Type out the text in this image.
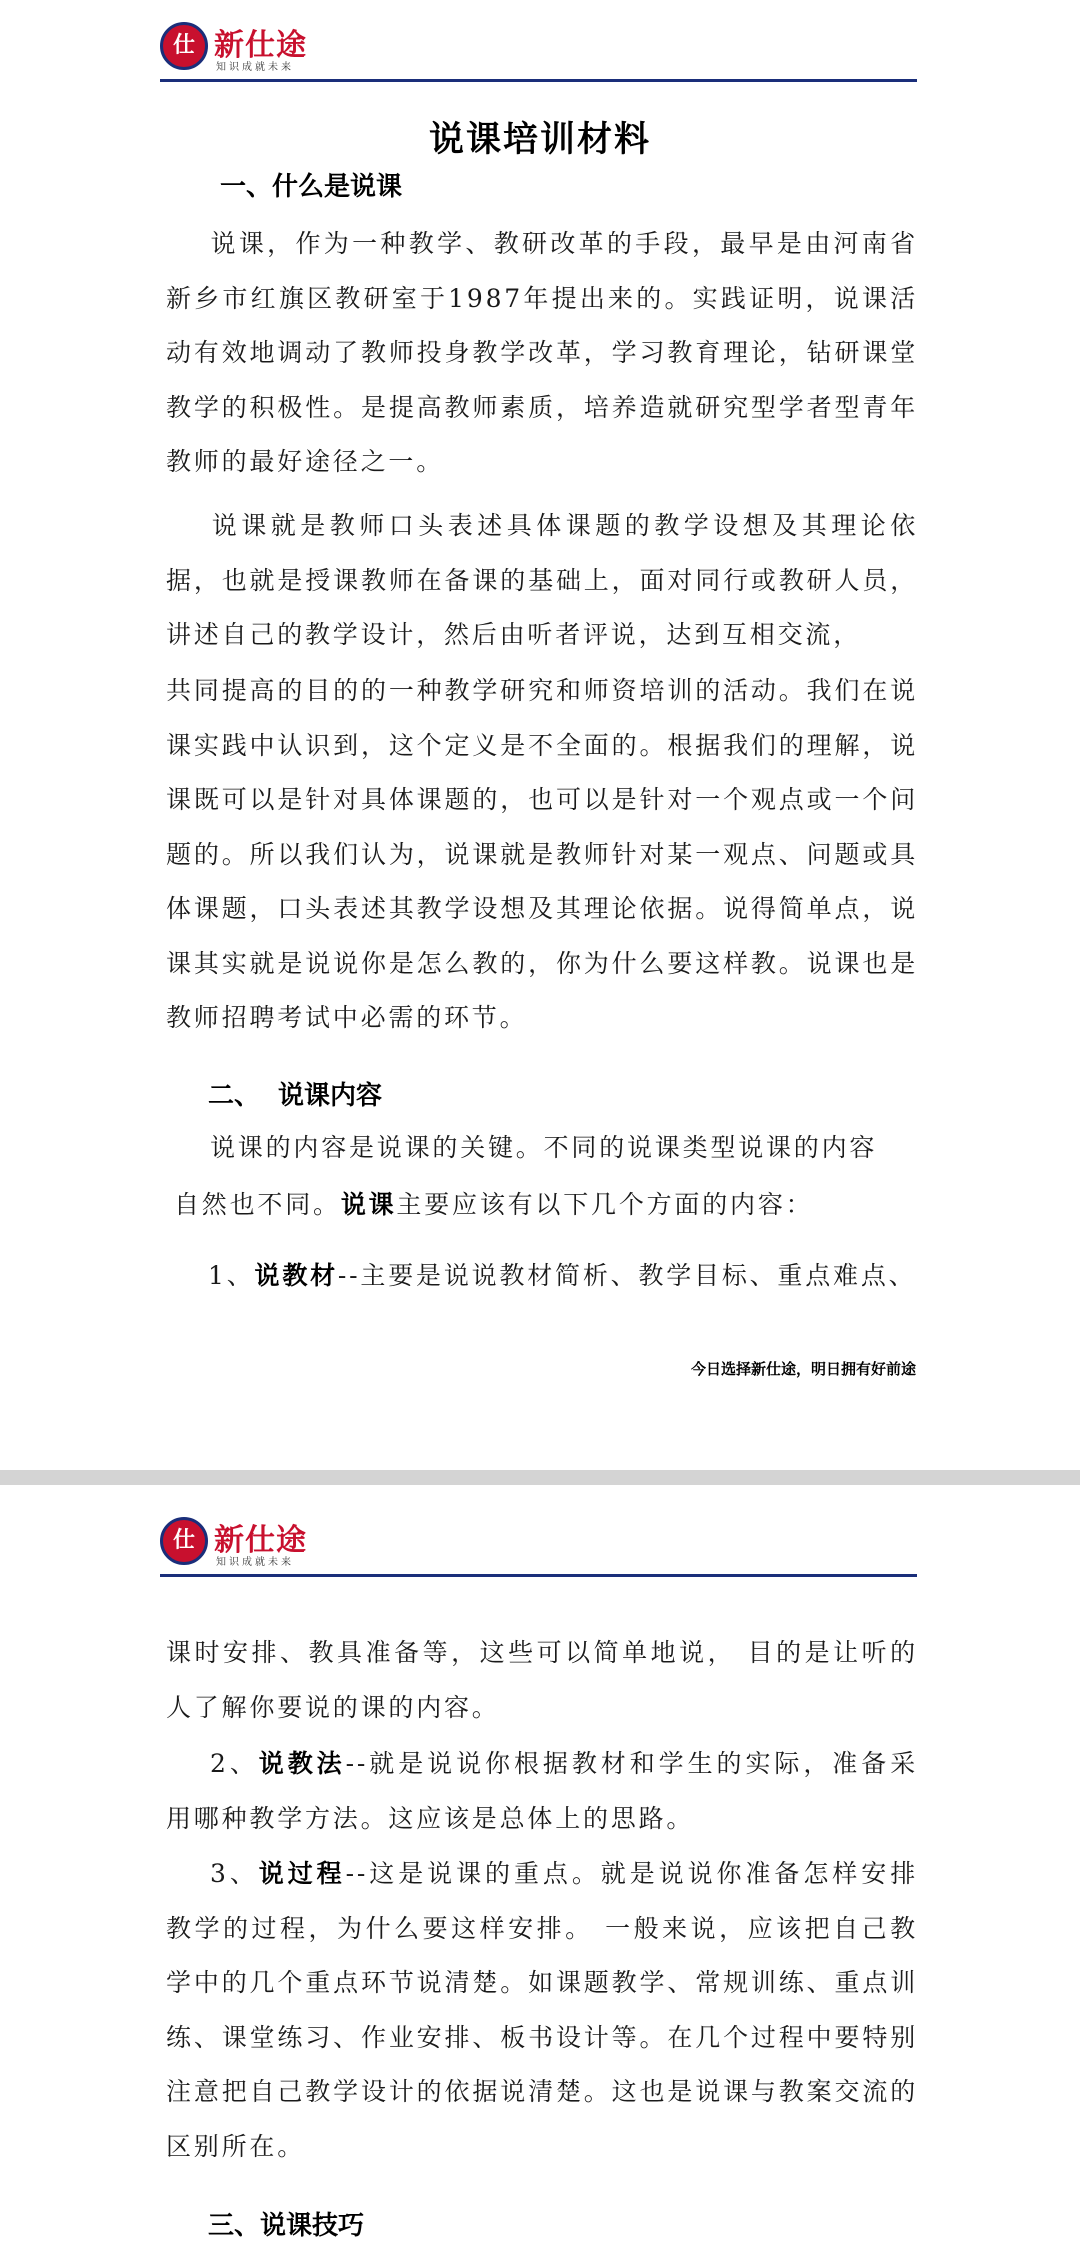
仕 新仕途
知识成就未来
说课培训材料
一、什么是说课

说课，作为一种教学、教研改革的手段，最早是由河南省新乡市红旗区教研室于1987年提出来的。实践证明，说课活动有效地调动了教师投身教学改革，学习教育理论，钻研课堂教学的积极性。是提高教师素质，培养造就研究型学者型青年教师的最好途径之一。

说课就是教师口头表述具体课题的教学设想及其理论依据，也就是授课教师在备课的基础上，面对同行或教研人员，讲述自己的教学设计，然后由听者评说，达到互相交流，

共同提高的目的的一种教学研究和师资培训的活动。我们在说课实践中认识到，这个定义是不全面的。根据我们的理解，说课既可以是针对具体课题的，也可以是针对一个观点或一个问题的。所以我们认为，说课就是教师针对某一观点、问题或具体课题，口头表述其教学设想及其理论依据。说得简单点，说课其实就是说说你是怎么教的，你为什么要这样教。说课也是教师招聘考试中必需的环节。

二、 说课内容
说课的内容是说课的关键。不同的说课类型说课的内容
自然也不同。说课主要应该有以下几个方面的内容：
1、说教材--主要是说说教材简析、教学目标、重点难点、
今日选择新仕途，明日拥有好前途
仕 新仕途
知识成就未来

课时安排、教具准备等，这些可以简单地说， 目的是让听的人了解你要说的课的内容。

2、说教法--就是说说你根据教材和学生的实际，准备采用哪种教学方法。这应该是总体上的思路。

3、说过程--这是说课的重点。就是说说你准备怎样安排教学的过程，为什么要这样安排。 一般来说，应该把自己教学中的几个重点环节说清楚。如课题教学、常规训练、重点训练、课堂练习、作业安排、板书设计等。在几个过程中要特别注意把自己教学设计的依据说清楚。这也是说课与教案交流的区别所在。

三、说课技巧
